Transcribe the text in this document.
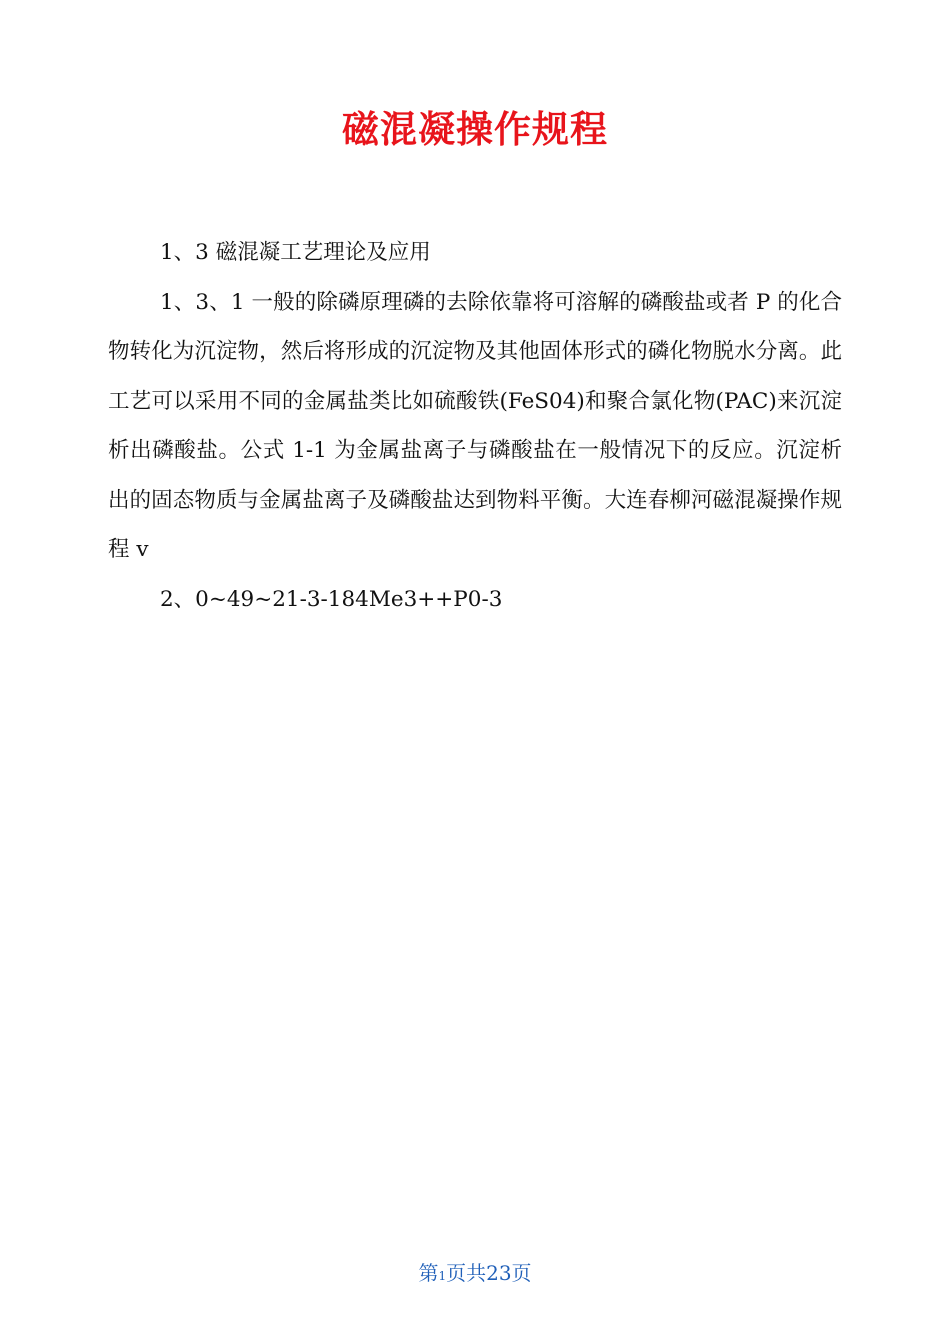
磁混凝操作规程

1、3 磁混凝工艺理论及应用

1、3、1 一般的除磷原理磷的去除依靠将可溶解的磷酸盐或者 P 的化合物转化为沉淀物，然后将形成的沉淀物及其他固体形式的磷化物脱水分离。此工艺可以采用不同的金属盐类比如硫酸铁(FeS04)和聚合氯化物(PAC)来沉淀析出磷酸盐。公式 1-1 为金属盐离子与磷酸盐在一般情况下的反应。沉淀析出的固态物质与金属盐离子及磷酸盐达到物料平衡。大连春柳河磁混凝操作规程 v

2、0~49~21-3-184Me3++P0-3

第1页共23页
